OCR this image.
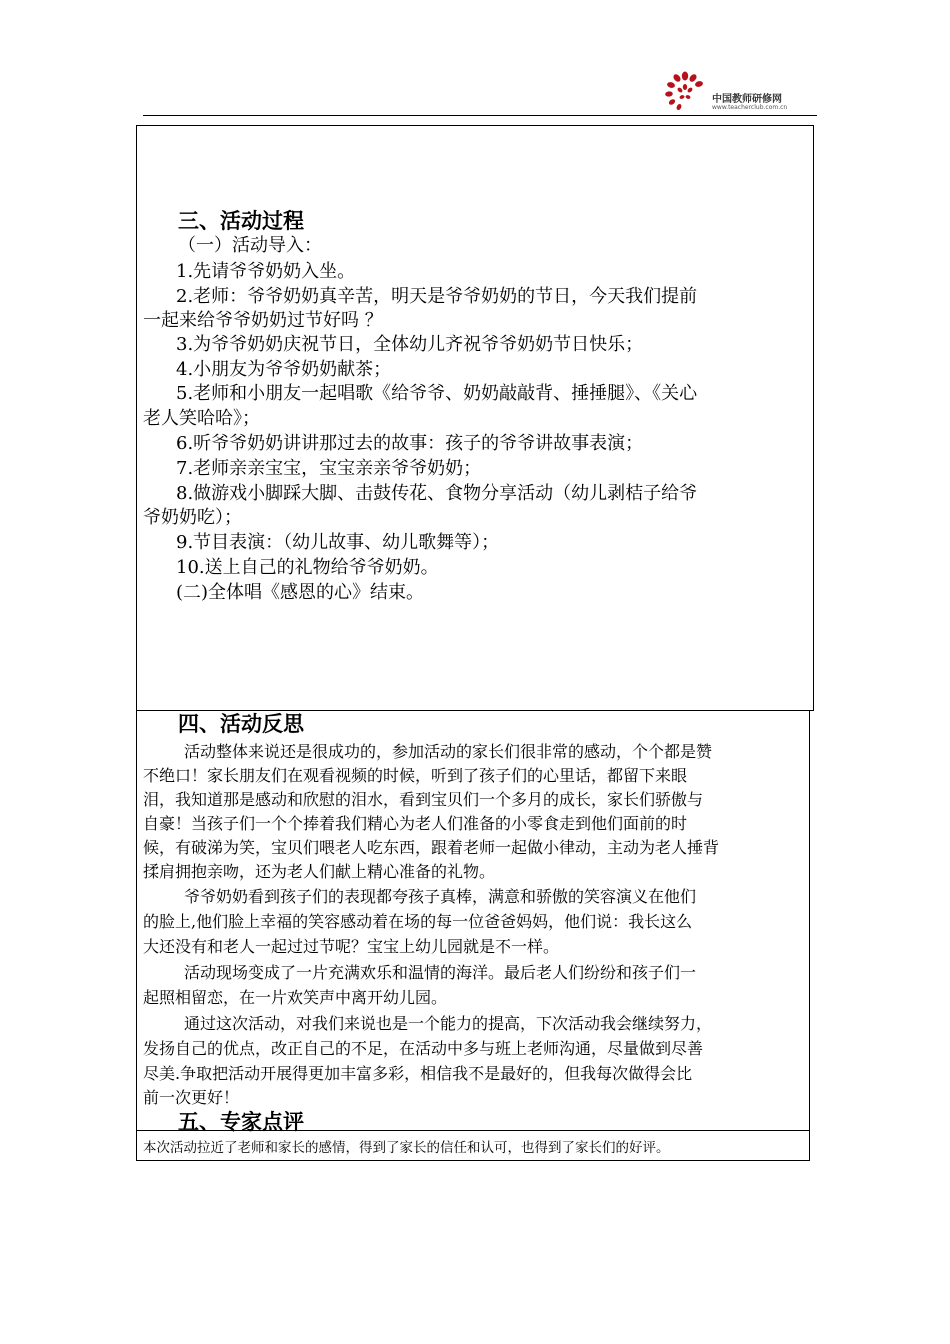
中国教师研修网
www.teacherclub.com.cn
三、活动过程
（一）活动导入：
1.先请爷爷奶奶入坐。
2.老师：爷爷奶奶真辛苦，明天是爷爷奶奶的节日，今天我们提前
一起来给爷爷奶奶过节好吗 ？
3.为爷爷奶奶庆祝节日，全体幼儿齐祝爷爷奶奶节日快乐；
4.小朋友为爷爷奶奶献茶；
5.老师和小朋友一起唱歌《给爷爷、奶奶敲敲背、捶捶腿》、《关心
老人笑哈哈》；
6.听爷爷奶奶讲讲那过去的故事：孩子的爷爷讲故事表演；
7.老师亲亲宝宝，宝宝亲亲爷爷奶奶；
8.做游戏小脚踩大脚、击鼓传花、食物分享活动（幼儿剥桔子给爷
爷奶奶吃）；
9.节目表演：（幼儿故事、幼儿歌舞等）；
10.送上自己的礼物给爷爷奶奶。
(二)全体唱《感恩的心》结束。
四、活动反思
活动整体来说还是很成功的，参加活动的家长们很非常的感动，个个都是赞
不绝口！家长朋友们在观看视频的时候，听到了孩子们的心里话，都留下来眼
泪，我知道那是感动和欣慰的泪水，看到宝贝们一个多月的成长，家长们骄傲与
自豪！当孩子们一个个捧着我们精心为老人们准备的小零食走到他们面前的时
候，有破涕为笑，宝贝们喂老人吃东西，跟着老师一起做小律动，主动为老人捶背
揉肩拥抱亲吻，还为老人们献上精心准备的礼物。
爷爷奶奶看到孩子们的表现都夸孩子真棒，满意和骄傲的笑容演义在他们
的脸上,他们脸上幸福的笑容感动着在场的每一位爸爸妈妈，他们说：我长这么
大还没有和老人一起过过节呢？宝宝上幼儿园就是不一样。
活动现场变成了一片充满欢乐和温情的海洋。最后老人们纷纷和孩子们一
起照相留恋，在一片欢笑声中离开幼儿园。
通过这次活动，对我们来说也是一个能力的提高，下次活动我会继续努力，
发扬自己的优点，改正自己的不足，在活动中多与班上老师沟通，尽量做到尽善
尽美.争取把活动开展得更加丰富多彩，相信我不是最好的，但我每次做得会比
前一次更好！
五、专家点评
本次活动拉近了老师和家长的感情，得到了家长的信任和认可，也得到了家长们的好评。
